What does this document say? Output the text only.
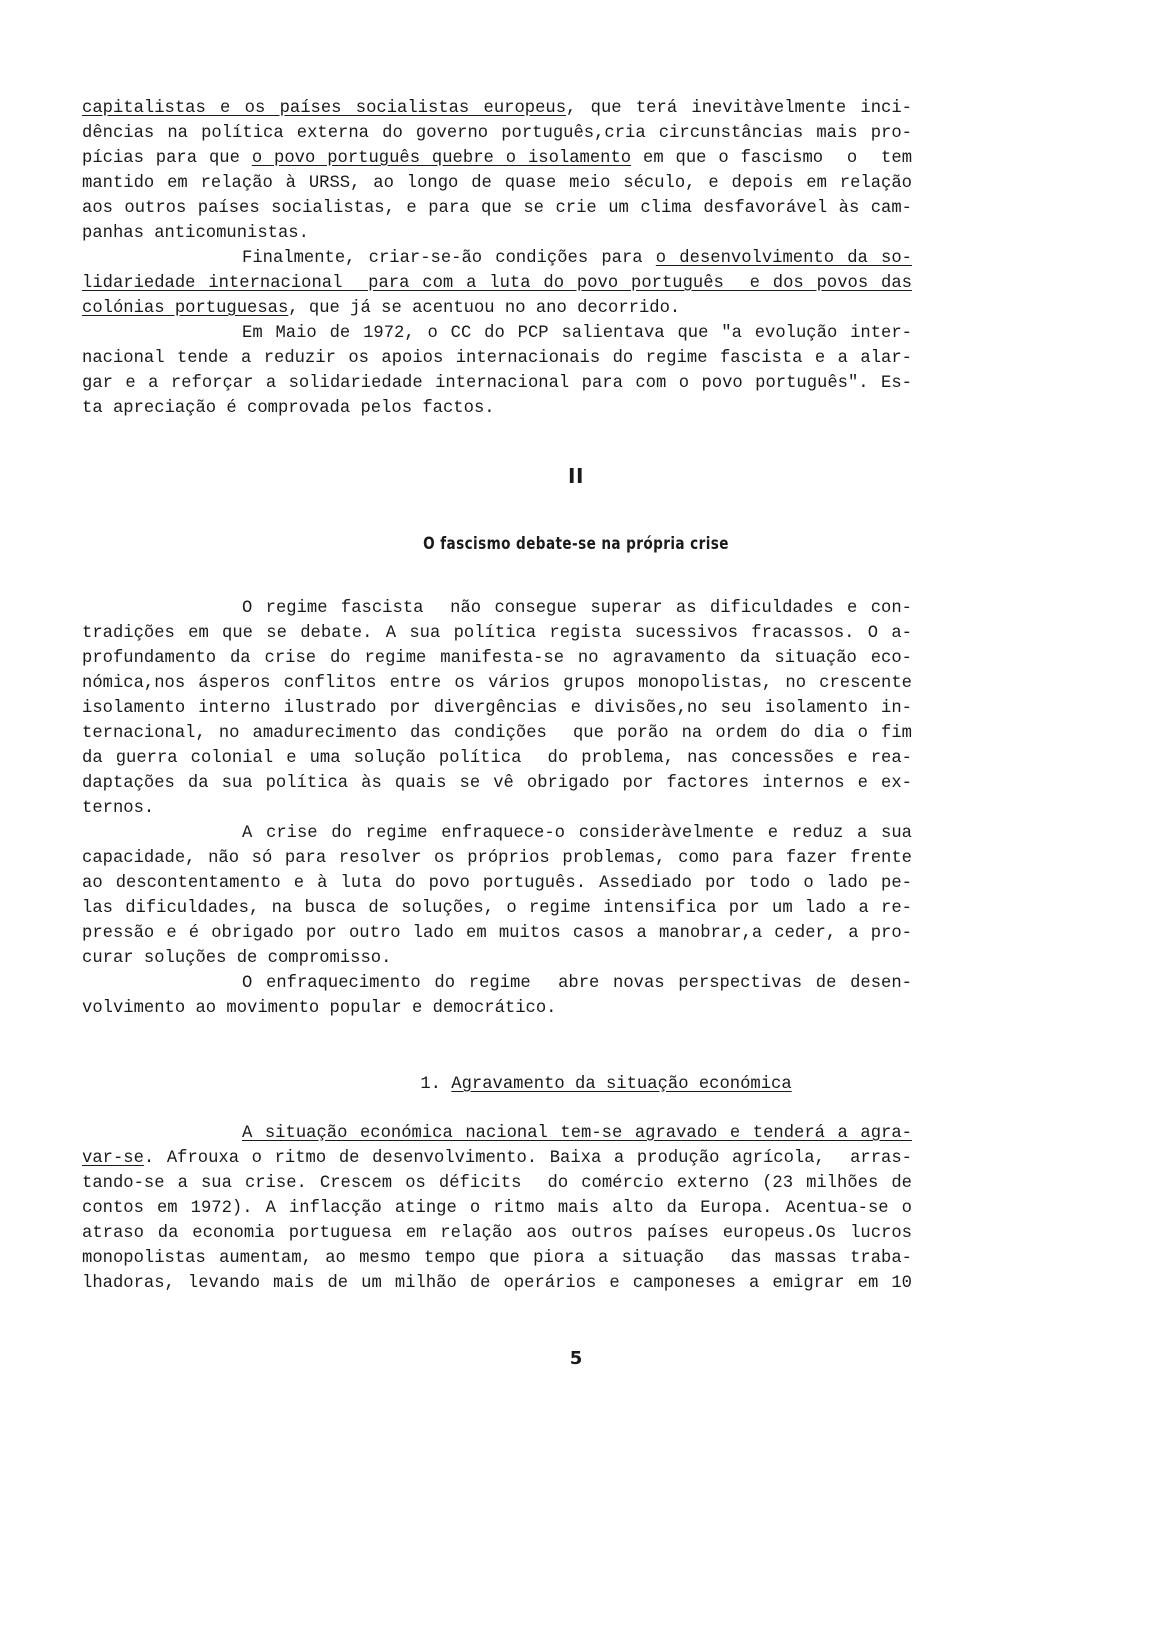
capitalistas e os países socialistas europeus, que terá inevitàvelmente inci-
dências na política externa do governo português,cria circunstâncias mais pro-
pícias para que o povo português quebre o isolamento em que o fascismo  o  tem
mantido em relação à URSS, ao longo de quase meio século, e depois em relação
aos outros países socialistas, e para que se crie um clima desfavorável às cam-
panhas anticomunistas.
Finalmente, criar-se-ão condições para o desenvolvimento da so-
lidariedade internacional  para com a luta do povo português  e dos povos das
colónias portuguesas, que já se acentuou no ano decorrido.
Em Maio de 1972, o CC do PCP salientava que "a evolução inter-
nacional tende a reduzir os apoios internacionais do regime fascista e a alar-
gar e a reforçar a solidariedade internacional para com o povo português". Es-
ta apreciação é comprovada pelos factos.
II
O fascismo debate-se na própria crise
O regime fascista  não consegue superar as dificuldades e con-
tradições em que se debate. A sua política regista sucessivos fracassos. O a-
profundamento da crise do regime manifesta-se no agravamento da situação eco-
nómica,nos ásperos conflitos entre os vários grupos monopolistas, no crescente
isolamento interno ilustrado por divergências e divisões,no seu isolamento in-
ternacional, no amadurecimento das condições  que porão na ordem do dia o fim
da guerra colonial e uma solução política  do problema, nas concessões e rea-
daptações da sua política às quais se vê obrigado por factores internos e ex-
ternos.
A crise do regime enfraquece-o consideràvelmente e reduz a sua
capacidade, não só para resolver os próprios problemas, como para fazer frente
ao descontentamento e à luta do povo português. Assediado por todo o lado pe-
las dificuldades, na busca de soluções, o regime intensifica por um lado a re-
pressão e é obrigado por outro lado em muitos casos a manobrar,a ceder, a pro-
curar soluções de compromisso.
O enfraquecimento do regime  abre novas perspectivas de desen-
volvimento ao movimento popular e democrático.
1. Agravamento da situação económica
A situação económica nacional tem-se agravado e tenderá a agra-
var-se. Afrouxa o ritmo de desenvolvimento. Baixa a produção agrícola,  arras-
tando-se a sua crise. Crescem os déficits  do comércio externo (23 milhões de
contos em 1972). A inflacção atinge o ritmo mais alto da Europa. Acentua-se o
atraso da economia portuguesa em relação aos outros países europeus.Os lucros
monopolistas aumentam, ao mesmo tempo que piora a situação  das massas traba-
lhadoras, levando mais de um milhão de operários e camponeses a emigrar em 10
5
